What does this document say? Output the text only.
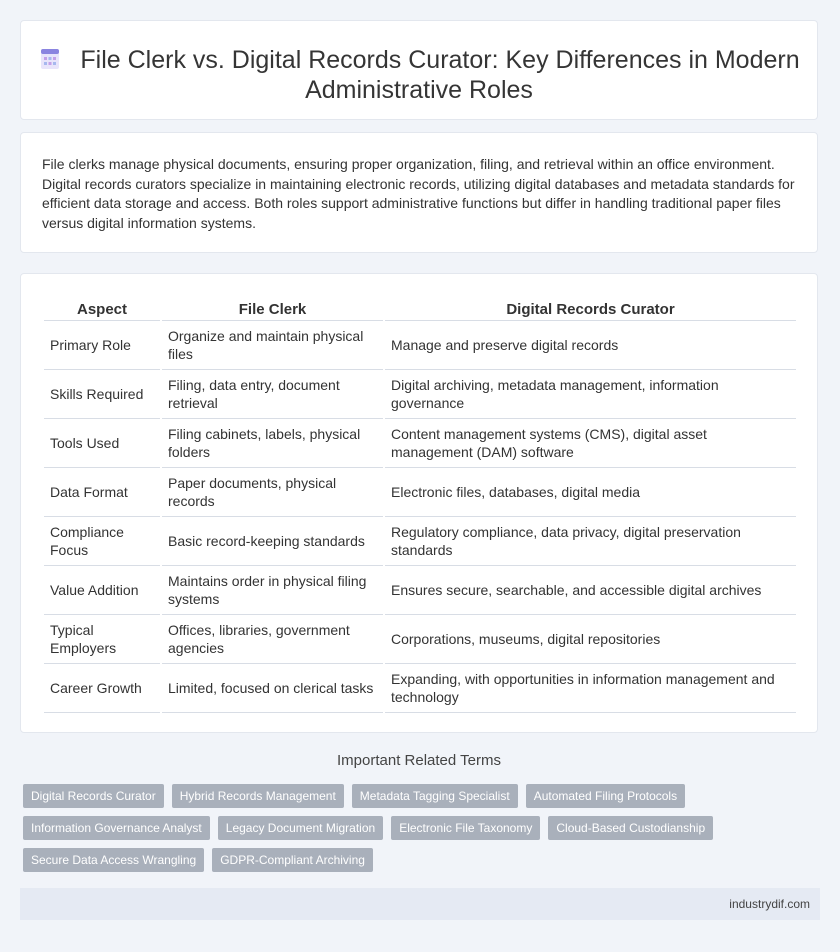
File Clerk vs. Digital Records Curator: Key Differences in Modern Administrative Roles

File clerks manage physical documents, ensuring proper organization, filing, and retrieval within an office environment. Digital records curators specialize in maintaining electronic records, utilizing digital databases and metadata standards for efficient data storage and access. Both roles support administrative functions but differ in handling traditional paper files versus digital information systems.

Aspect	File Clerk	Digital Records Curator
Primary Role	Organize and maintain physical files	Manage and preserve digital records
Skills Required	Filing, data entry, document retrieval	Digital archiving, metadata management, information governance
Tools Used	Filing cabinets, labels, physical folders	Content management systems (CMS), digital asset management (DAM) software
Data Format	Paper documents, physical records	Electronic files, databases, digital media
Compliance Focus	Basic record-keeping standards	Regulatory compliance, data privacy, digital preservation standards
Value Addition	Maintains order in physical filing systems	Ensures secure, searchable, and accessible digital archives
Typical Employers	Offices, libraries, government agencies	Corporations, museums, digital repositories
Career Growth	Limited, focused on clerical tasks	Expanding, with opportunities in information management and technology
Important Related Terms
Digital Records Curator	Hybrid Records Management	Metadata Tagging Specialist	Automated Filing Protocols
Information Governance Analyst	Legacy Document Migration	Electronic File Taxonomy	Cloud-Based Custodianship
Secure Data Access Wrangling	GDPR-Compliant Archiving
industrydif.com
